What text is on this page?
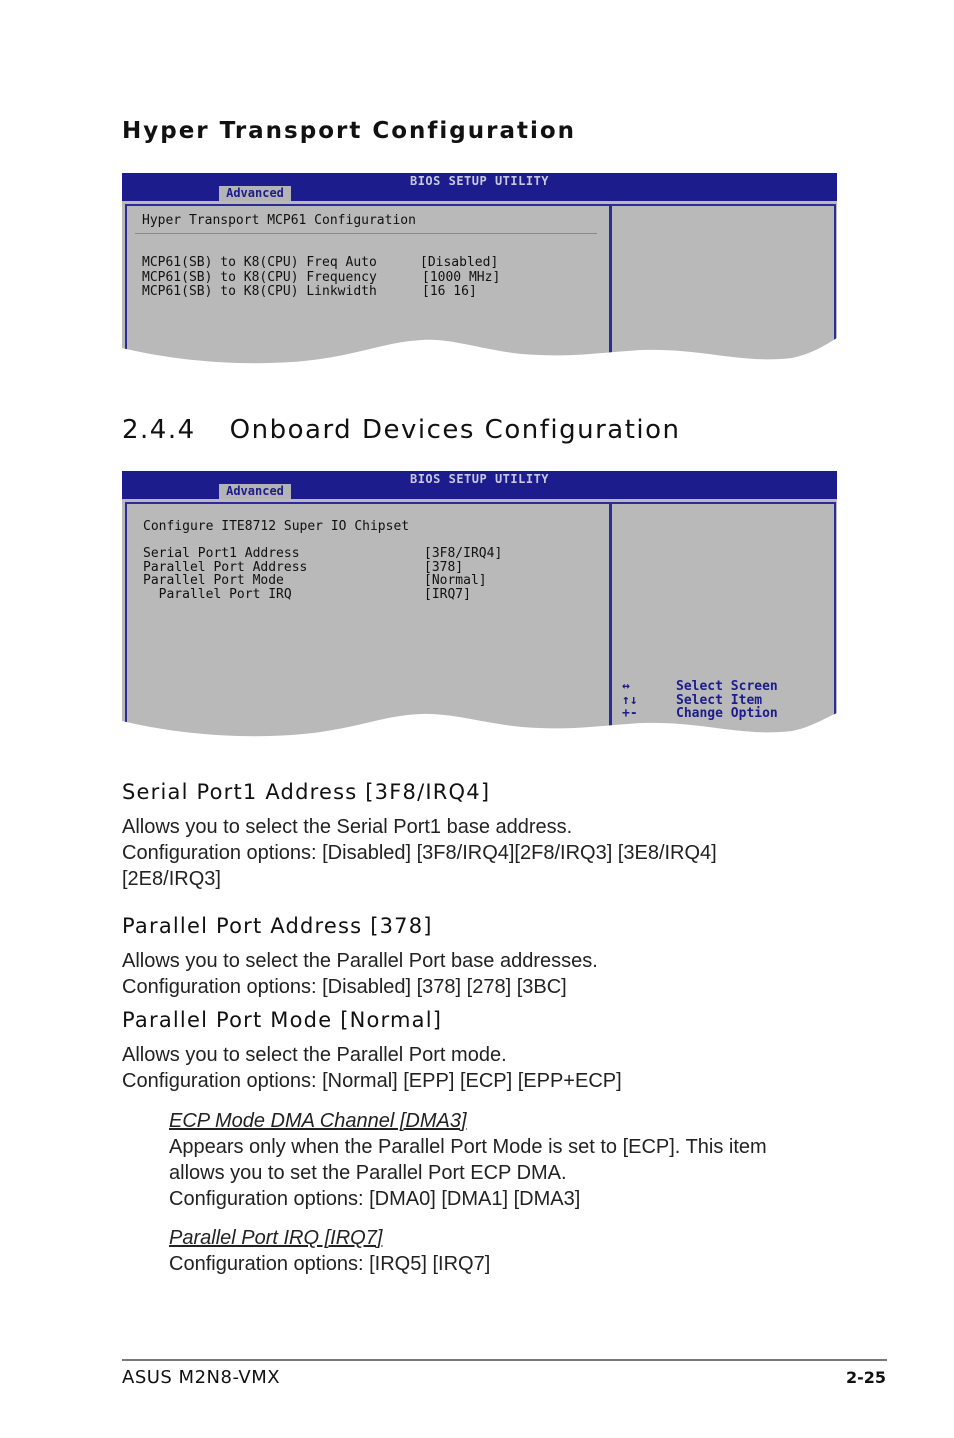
Hyper Transport Configuration
BIOS SETUP UTILITY
Advanced
Hyper Transport MCP61 Configuration
MCP61(SB) to K8(CPU) Freq Auto	[Disabled]
MCP61(SB) to K8(CPU) Frequency	[1000 MHz]
MCP61(SB) to K8(CPU) Linkwidth	[16 16]
2.4.4 Onboard Devices Configuration
BIOS SETUP UTILITY
Advanced
Configure ITE8712 Super IO Chipset
Serial Port1 Address	[3F8/IRQ4]
Parallel Port Address	[378]
Parallel Port Mode	[Normal]
Parallel Port IRQ	[IRQ7]
↔	Select Screen
↑↓	Select Item
+-	Change Option
Serial Port1 Address [3F8/IRQ4]
Allows you to select the Serial Port1 base address.
Configuration options: [Disabled] [3F8/IRQ4][2F8/IRQ3] [3E8/IRQ4]
[2E8/IRQ3]
Parallel Port Address [378]
Allows you to select the Parallel Port base addresses.
Configuration options: [Disabled] [378] [278] [3BC]
Parallel Port Mode [Normal]
Allows you to select the Parallel Port mode.
Configuration options: [Normal] [EPP] [ECP] [EPP+ECP]
ECP Mode DMA Channel [DMA3]
Appears only when the Parallel Port Mode is set to [ECP]. This item
allows you to set the Parallel Port ECP DMA.
Configuration options: [DMA0] [DMA1] [DMA3]
Parallel Port IRQ [IRQ7]
Configuration options: [IRQ5] [IRQ7]
ASUS M2N8-VMX	2-25
